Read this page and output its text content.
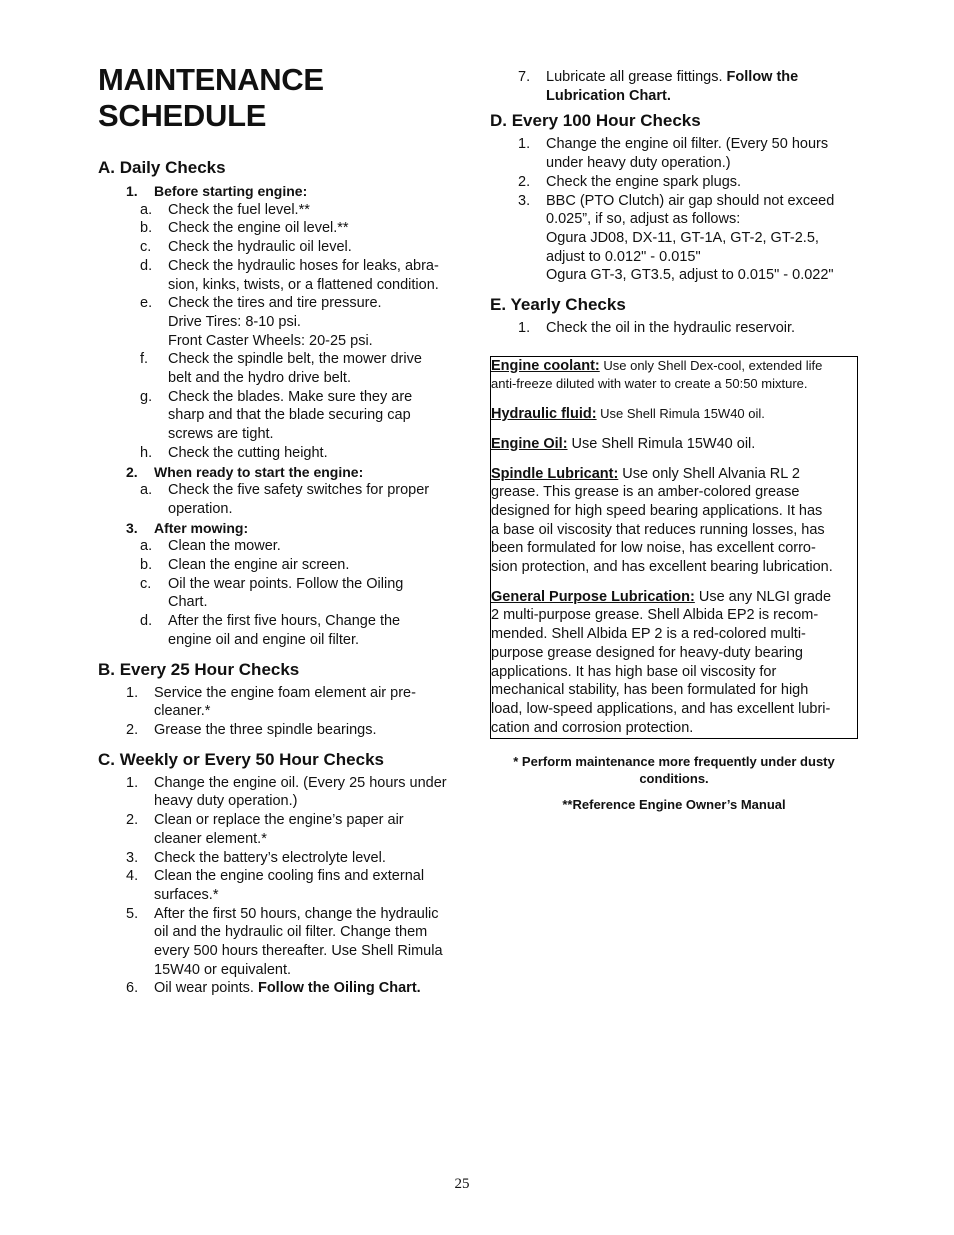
MAINTENANCE SCHEDULE
A. Daily Checks
1.	Before starting engine:
a.	Check the fuel level.**
b.	Check the engine oil level.**
c.	Check the hydraulic oil level.
d.	Check the hydraulic hoses for leaks, abra-
sion, kinks, twists, or a flattened condition.
e.	Check the tires and tire pressure.
Drive Tires: 8-10 psi.
Front Caster Wheels: 20-25 psi.
f.	Check the spindle belt, the mower drive
belt and the hydro drive belt.
g.	Check the blades. Make sure they are
sharp and that the blade securing cap
screws are tight.
h.	Check the cutting height.
2.	When ready to start the engine:
a.	Check the five safety switches for proper
operation.
3.	After mowing:
a.	Clean the mower.
b.	Clean the engine air screen.
c.	Oil the wear points. Follow the Oiling
Chart.
d.	After the first five hours, Change the
engine oil and engine oil filter.
B. Every 25 Hour Checks
1.	Service the engine foam element air pre-
cleaner.*
2.	Grease the three spindle bearings.
C. Weekly or Every 50 Hour Checks
1.	Change the engine oil. (Every 25 hours under
heavy duty operation.)
2.	Clean or replace the engine’s paper air
cleaner element.*
3.	Check the battery’s electrolyte level.
4.	Clean the engine cooling fins and external
surfaces.*
5.	After the first 50 hours, change the hydraulic
oil and the hydraulic oil filter. Change them
every 500 hours thereafter. Use Shell Rimula
15W40 or equivalent.
6.	Oil wear points. Follow the Oiling Chart.
7.	Lubricate all grease fittings. Follow the
Lubrication Chart.
D. Every 100 Hour Checks
1.	Change the engine oil filter. (Every 50 hours
under heavy duty operation.)
2.	Check the engine spark plugs.
3.	BBC (PTO Clutch) air gap should not exceed
0.025”, if so, adjust as follows:
Ogura JD08, DX-11, GT-1A, GT-2, GT-2.5,
adjust to 0.012" - 0.015"
Ogura GT-3, GT3.5, adjust to 0.015" - 0.022"
E. Yearly Checks
1.	Check the oil in the hydraulic reservoir.

Engine coolant: Use only Shell Dex-cool, extended life
anti-freeze diluted with water to create a 50:50 mixture.

Hydraulic fluid: Use Shell Rimula 15W40 oil.

Engine Oil: Use Shell Rimula 15W40 oil.

Spindle Lubricant: Use only Shell Alvania RL 2
grease. This grease is an amber-colored grease
designed for high speed bearing applications. It has
a base oil viscosity that reduces running losses, has
been formulated for low noise, has excellent corro-
sion protection, and has excellent bearing lubrication.

General Purpose Lubrication: Use any NLGI grade
2 multi-purpose grease. Shell Albida EP2 is recom-
mended. Shell Albida EP 2 is a red-colored multi-
purpose grease designed for heavy-duty bearing
applications. It has high base oil viscosity for
mechanical stability, has been formulated for high
load, low-speed applications, and has excellent lubri-
cation and corrosion protection.

* Perform maintenance more frequently under dusty
conditions.
**Reference Engine Owner’s Manual
25
